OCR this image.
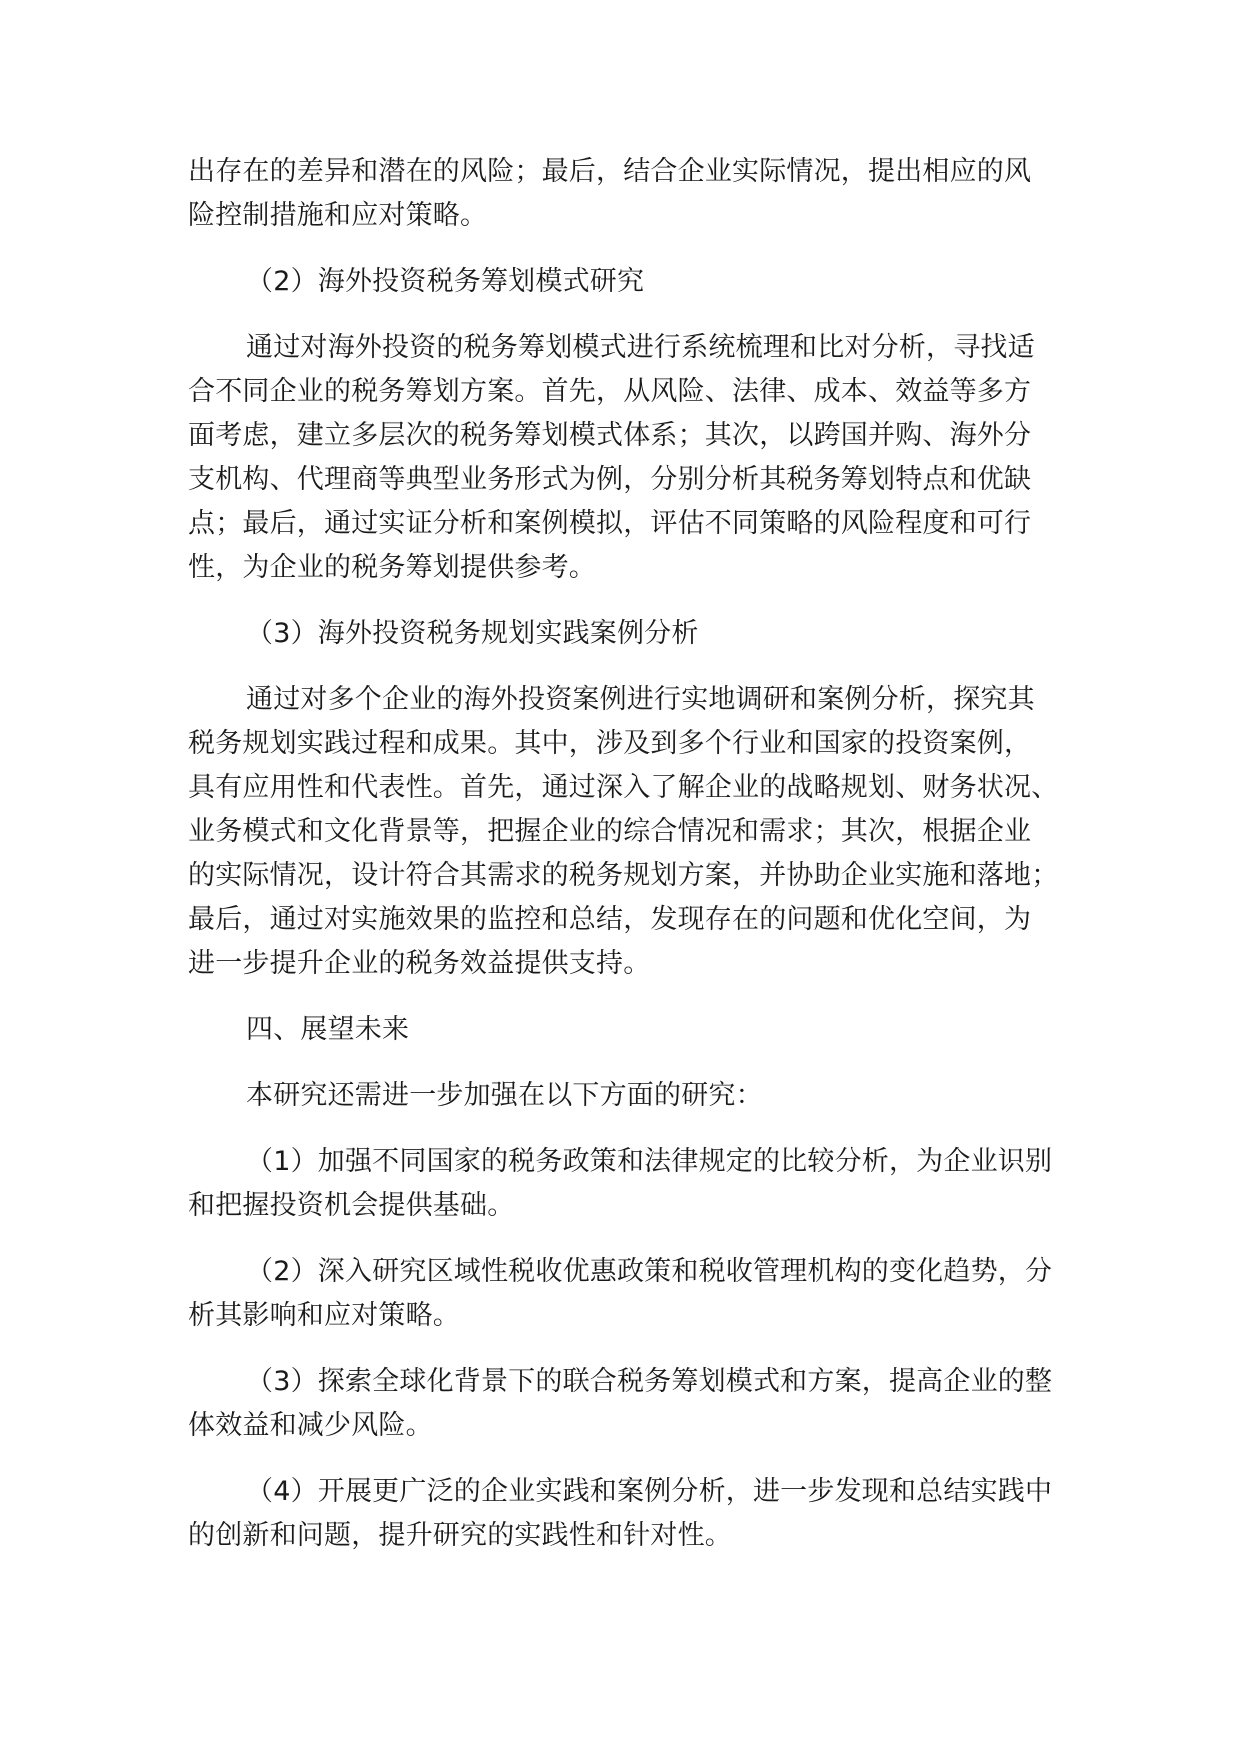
出存在的差异和潜在的风险；最后，结合企业实际情况，提出相应的风
险控制措施和应对策略。
（2）海外投资税务筹划模式研究
通过对海外投资的税务筹划模式进行系统梳理和比对分析，寻找适
合不同企业的税务筹划方案。首先，从风险、法律、成本、效益等多方
面考虑，建立多层次的税务筹划模式体系；其次，以跨国并购、海外分
支机构、代理商等典型业务形式为例，分别分析其税务筹划特点和优缺
点；最后，通过实证分析和案例模拟，评估不同策略的风险程度和可行
性，为企业的税务筹划提供参考。
（3）海外投资税务规划实践案例分析
通过对多个企业的海外投资案例进行实地调研和案例分析，探究其
税务规划实践过程和成果。其中，涉及到多个行业和国家的投资案例，
具有应用性和代表性。首先，通过深入了解企业的战略规划、财务状况、
业务模式和文化背景等，把握企业的综合情况和需求；其次，根据企业
的实际情况，设计符合其需求的税务规划方案，并协助企业实施和落地；
最后，通过对实施效果的监控和总结，发现存在的问题和优化空间，为
进一步提升企业的税务效益提供支持。
四、展望未来
本研究还需进一步加强在以下方面的研究：
（1）加强不同国家的税务政策和法律规定的比较分析，为企业识别
和把握投资机会提供基础。
（2）深入研究区域性税收优惠政策和税收管理机构的变化趋势，分
析其影响和应对策略。
（3）探索全球化背景下的联合税务筹划模式和方案，提高企业的整
体效益和减少风险。
（4）开展更广泛的企业实践和案例分析，进一步发现和总结实践中
的创新和问题，提升研究的实践性和针对性。
